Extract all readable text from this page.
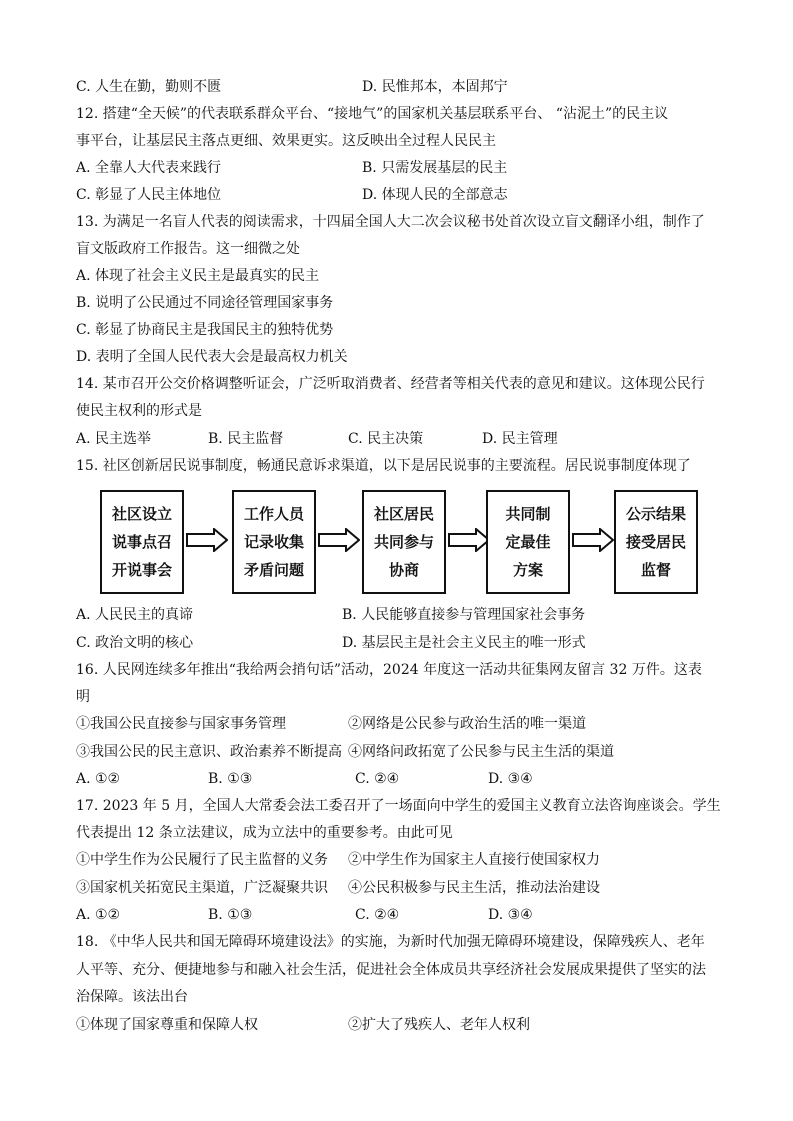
C. 人生在勤，勤则不匮	D. 民惟邦本，本固邦宁
12. 搭建“全天候”的代表联系群众平台、“接地气”的国家机关基层联系平台、 “沾泥土”的民主议
事平台，让基层民主落点更细、效果更实。这反映出全过程人民民主
A. 全靠人大代表来践行	B. 只需发展基层的民主
C. 彰显了人民主体地位	D. 体现人民的全部意志
13. 为满足一名盲人代表的阅读需求，十四届全国人大二次会议秘书处首次设立盲文翻译小组，制作了
盲文版政府工作报告。这一细微之处
A. 体现了社会主义民主是最真实的民主
B. 说明了公民通过不同途径管理国家事务
C. 彰显了协商民主是我国民主的独特优势
D. 表明了全国人民代表大会是最高权力机关
14. 某市召开公交价格调整听证会，广泛听取消费者、经营者等相关代表的意见和建议。这体现公民行
使民主权利的形式是
A. 民主选举	B. 民主监督	C. 民主决策	D. 民主管理
15. 社区创新居民说事制度，畅通民意诉求渠道，以下是居民说事的主要流程。居民说事制度体现了
社区设立
说事点召
开说事会
工作人员
记录收集
矛盾问题
社区居民
共同参与
协商
共同制
定最佳
方案
公示结果
接受居民
监督
A. 人民民主的真谛	B. 人民能够直接参与管理国家社会事务
C. 政治文明的核心	D. 基层民主是社会主义民主的唯一形式
16. 人民网连续多年推出“我给两会捎句话”活动，2024 年度这一活动共征集网友留言 32 万件。这表
明
①我国公民直接参与国家事务管理	②网络是公民参与政治生活的唯一渠道
③我国公民的民主意识、政治素养不断提高 ④网络问政拓宽了公民参与民主生活的渠道
A. ①②	B. ①③	C. ②④	D. ③④
17. 2023 年 5 月，全国人大常委会法工委召开了一场面向中学生的爱国主义教育立法咨询座谈会。学生
代表提出 12 条立法建议，成为立法中的重要参考。由此可见
①中学生作为公民履行了民主监督的义务 ②中学生作为国家主人直接行使国家权力
③国家机关拓宽民主渠道，广泛凝聚共识 ④公民积极参与民主生活，推动法治建设
A. ①②	B. ①③	C. ②④	D. ③④
18. 《中华人民共和国无障碍环境建设法》的实施，为新时代加强无障碍环境建设，保障残疾人、老年
人平等、充分、便捷地参与和融入社会生活，促进社会全体成员共享经济社会发展成果提供了坚实的法
治保障。该法出台
①体现了国家尊重和保障人权	②扩大了残疾人、老年人权利
